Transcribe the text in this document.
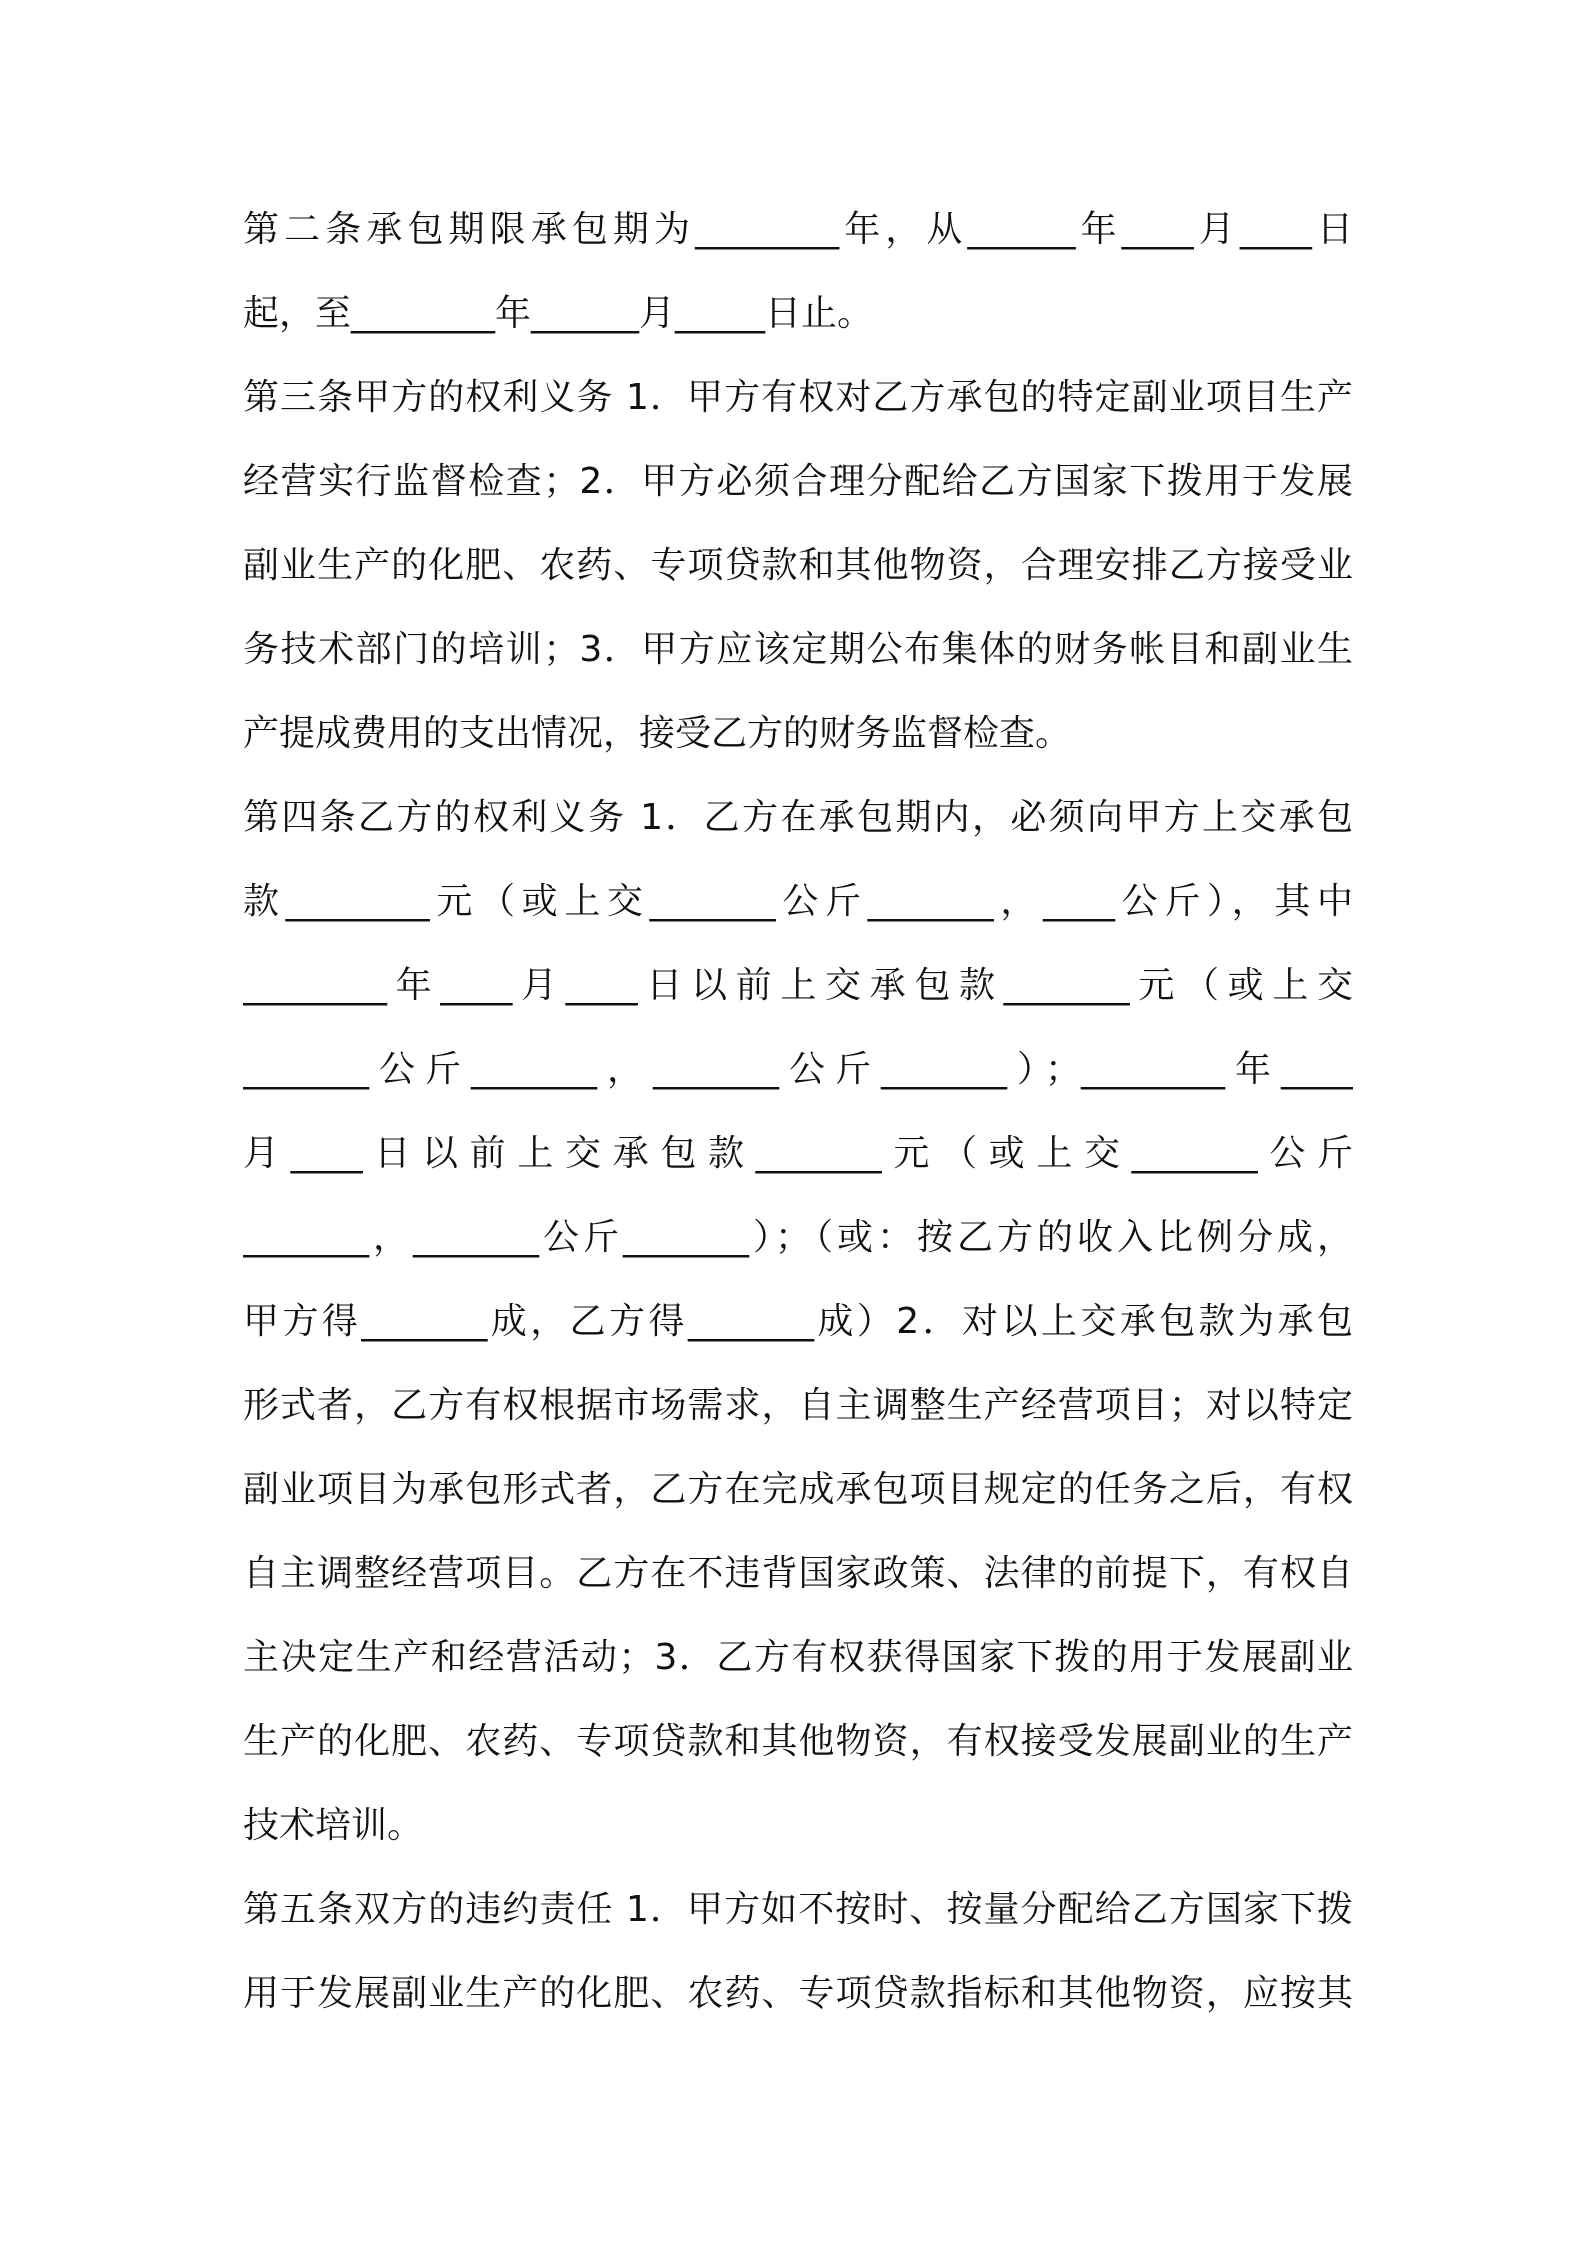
第二条承包期限承包期为________年，从______年____月____日
起，至________年______月_____日止。
第三条甲方的权利义务 1．甲方有权对乙方承包的特定副业项目生产
经营实行监督检查；2．甲方必须合理分配给乙方国家下拨用于发展
副业生产的化肥、农药、专项贷款和其他物资，合理安排乙方接受业
务技术部门的培训；3．甲方应该定期公布集体的财务帐目和副业生
产提成费用的支出情况，接受乙方的财务监督检查。
第四条乙方的权利义务 1．乙方在承包期内，必须向甲方上交承包
款________元（或上交_______公斤_______，____公斤），其中
________年____月____日以前上交承包款_______元（或上交
_______公斤_______，_______公斤_______）；________年____
月____日以前上交承包款_______元（或上交_______公斤
_______，_______公斤_______）；（或：按乙方的收入比例分成，
甲方得_______成，乙方得_______成）2．对以上交承包款为承包
形式者，乙方有权根据市场需求，自主调整生产经营项目；对以特定
副业项目为承包形式者，乙方在完成承包项目规定的任务之后，有权
自主调整经营项目。乙方在不违背国家政策、法律的前提下，有权自
主决定生产和经营活动；3．乙方有权获得国家下拨的用于发展副业
生产的化肥、农药、专项贷款和其他物资，有权接受发展副业的生产
技术培训。
第五条双方的违约责任 1．甲方如不按时、按量分配给乙方国家下拨
用于发展副业生产的化肥、农药、专项贷款指标和其他物资，应按其
